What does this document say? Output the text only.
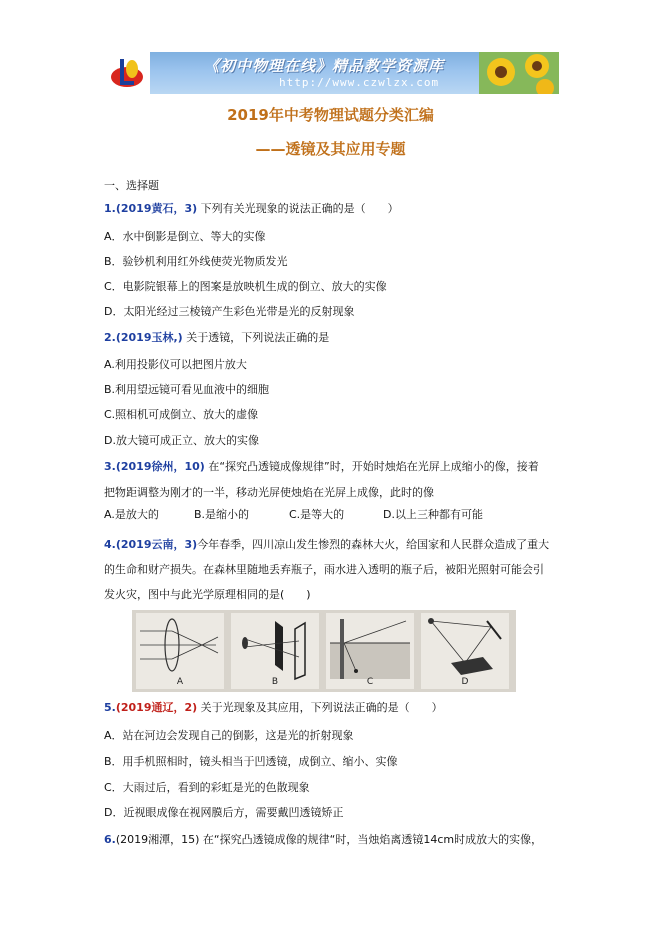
《初中物理在线》精品教学资源库
http://www.czwlzx.com
2019年中考物理试题分类汇编
——透镜及其应用专题
一、选择题
1.(2019黄石，3) 下列有关光现象的说法正确的是（　　）
A．水中倒影是倒立、等大的实像
B．验钞机利用红外线使荧光物质发光
C．电影院银幕上的图案是放映机生成的倒立、放大的实像
D．太阳光经过三棱镜产生彩色光带是光的反射现象
2.(2019玉林,) 关于透镜，下列说法正确的是
A.利用投影仪可以把图片放大
B.利用望远镜可看见血液中的细胞
C.照相机可成倒立、放大的虚像
D.放大镜可成正立、放大的实像
3.(2019徐州，10) 在“探究凸透镜成像规律”时，开始时烛焰在光屏上成缩小的像，接着
把物距调整为刚才的一半，移动光屏使烛焰在光屏上成像，此时的像
A.是放大的	B.是缩小的	C.是等大的	D.以上三种都有可能
4.(2019云南，3)今年春季，四川凉山发生惨烈的森林大火，给国家和人民群众造成了重大
的生命和财产损失。在森林里随地丢弃瓶子，雨水进入透明的瓶子后，被阳光照射可能会引
发火灾，图中与此光学原理相同的是(　　)
A	B	C	D
5.(2019通辽，2) 关于光现象及其应用，下列说法正确的是（　　）
A．站在河边会发现自己的倒影，这是光的折射现象
B．用手机照相时，镜头相当于凹透镜，成倒立、缩小、实像
C．大雨过后，看到的彩虹是光的色散现象
D．近视眼成像在视网膜后方，需要戴凹透镜矫正
6.(2019湘潭，15) 在“探究凸透镜成像的规律“时，当烛焰离透镜14cm时成放大的实像，
